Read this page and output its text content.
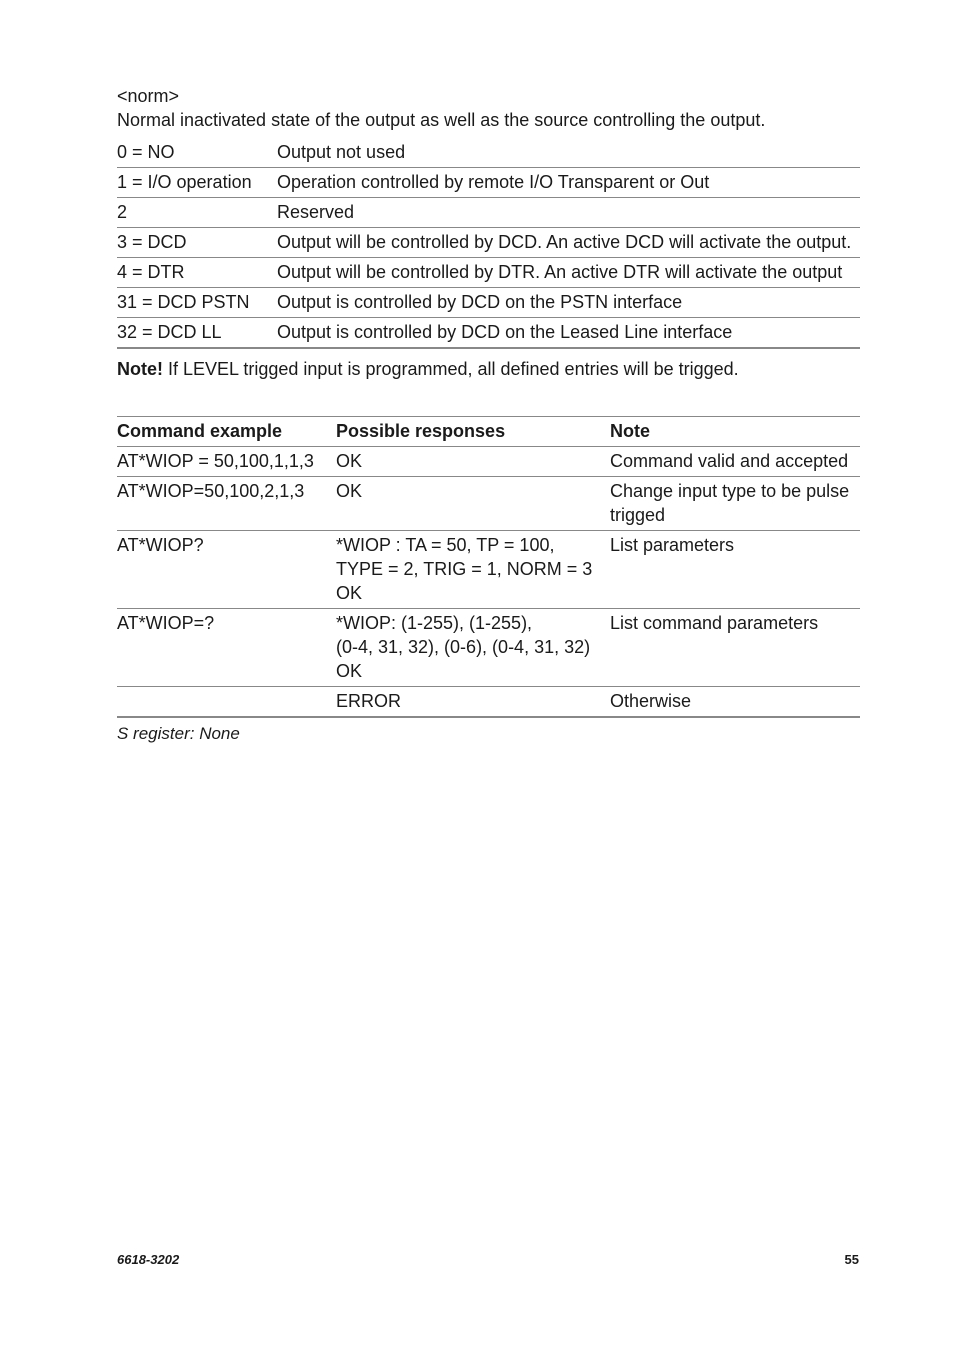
<norm>

Normal inactivated state of the output as well as the source controlling the output.

0 = NO	Output not used
1 = I/O operation	Operation controlled by remote I/O Transparent or Out
2	Reserved
3 = DCD	Output will be controlled by DCD. An active DCD will activate the output.
4 = DTR	Output will be controlled by DTR. An active DTR will activate the output
31 = DCD PSTN	Output is controlled by DCD on the PSTN interface
32 = DCD LL	Output is controlled by DCD on the Leased Line interface

Note! If LEVEL trigged input is programmed, all defined entries will be trigged.

Command example	Possible responses	Note
AT*WIOP = 50,100,1,1,3	OK	Command valid and accepted
AT*WIOP=50,100,2,1,3	OK	Change input type to be pulse trigged
AT*WIOP?	*WIOP : TA = 50, TP = 100,
TYPE = 2, TRIG = 1, NORM = 3
OK	List parameters
AT*WIOP=?	*WIOP: (1-255), (1-255),
(0-4, 31, 32), (0-6), (0-4, 31, 32)
OK	List command parameters

	ERROR	Otherwise

S register: None

6618-3202	55
